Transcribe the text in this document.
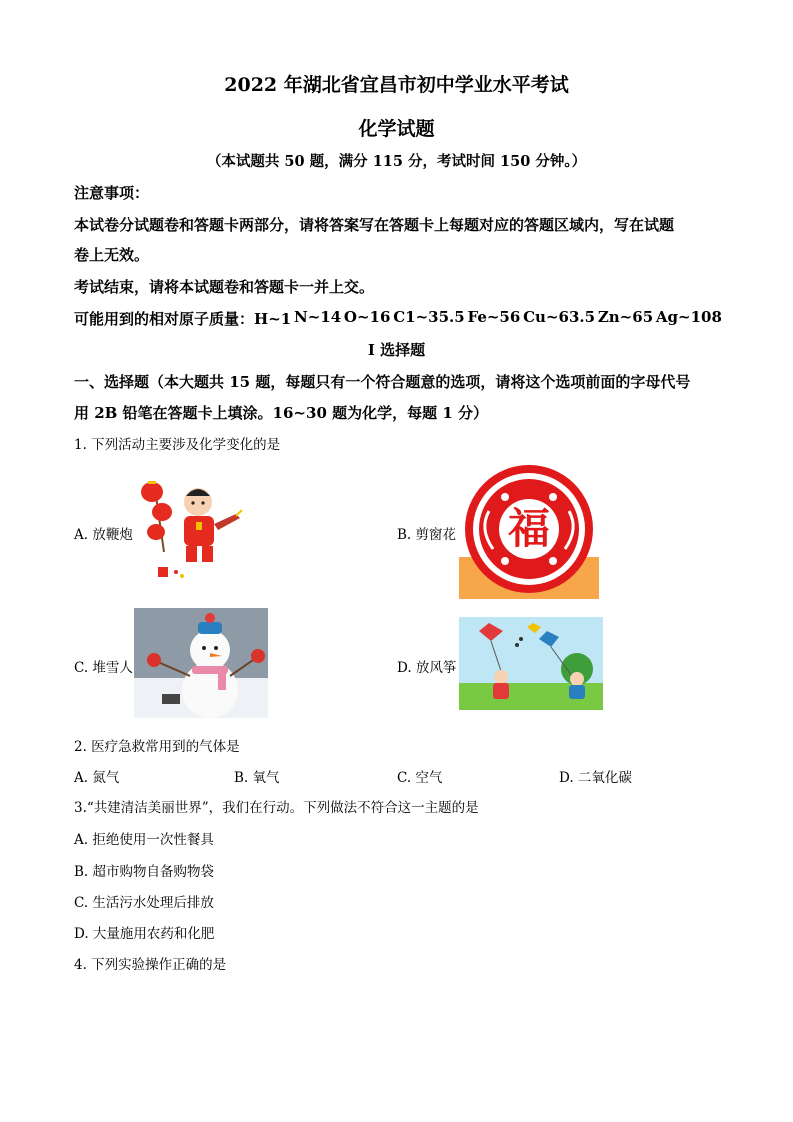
2022 年湖北省宜昌市初中学业水平考试
化学试题
（本试题共 50 题，满分 115 分，考试时间 150 分钟。）
注意事项：
本试卷分试题卷和答题卡两部分，请将答案写在答题卡上每题对应的答题区域内，写在试题
卷上无效。
考试结束，请将本试题卷和答题卡一并上交。
可能用到的相对原子质量：H~1 N~14 O~16 C1~35.5 Fe~56 Cu~63.5 Zn~65 Ag~108
I 选择题
一、选择题（本大题共 15 题，每题只有一个符合题意的选项，请将这个选项前面的字母代号
用 2B 铅笔在答题卡上填涂。16~30 题为化学，每题 1 分）
1. 下列活动主要涉及化学变化的是
A. 放鞭炮	B. 剪窗花 福
C. 堆雪人	D. 放风筝
2. 医疗急救常用到的气体是
A. 氮气	B. 氧气	C. 空气	D. 二氧化碳
3.“共建清洁美丽世界”，我们在行动。下列做法不符合这一主题的是
A. 拒绝使用一次性餐具
B. 超市购物自备购物袋
C. 生活污水处理后排放
D. 大量施用农药和化肥
4. 下列实验操作正确的是
